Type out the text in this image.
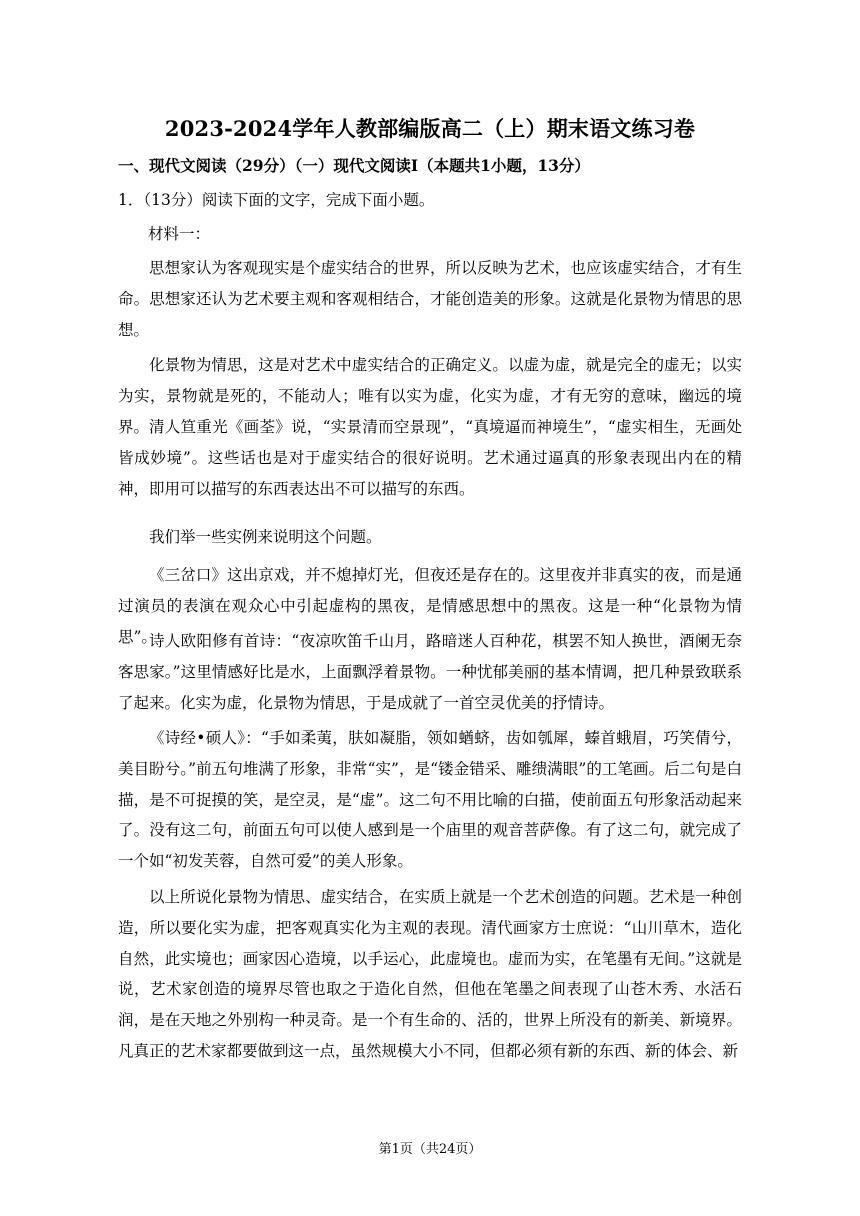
2023-2024学年人教部编版高二（上）期末语文练习卷
一、现代文阅读（29分）（一）现代文阅读Ⅰ（本题共1小题，13分）
1．（13分）阅读下面的文字，完成下面小题。
材料一：

思想家认为客观现实是个虚实结合的世界，所以反映为艺术，也应该虚实结合，才有生命。思想家还认为艺术要主观和客观相结合，才能创造美的形象。这就是化景物为情思的思想。

化景物为情思，这是对艺术中虚实结合的正确定义。以虚为虚，就是完全的虚无；以实为实，景物就是死的，不能动人；唯有以实为虚，化实为虚，才有无穷的意味，幽远的境界。 清人笪重光《画荃》说，“实景清而空景现”，“真境逼而神境生”，“虚实相生，无画处皆成妙境”。这些话也是对于虚实结合的很好说明。艺术通过逼真的形象表现出内在的精神，即用可以描写的东西表达出不可以描写的东西。

我们举一些实例来说明这个问题。

《三岔口》这出京戏，并不熄掉灯光，但夜还是存在的。这里夜并非真实的夜，而是通过演员的表演在观众心中引起虚构的黑夜，是情感思想中的黑夜。这是一种“化景物为情思”。

诗人欧阳修有首诗：“夜凉吹笛千山月，路暗迷人百种花，棋罢不知人换世，酒阑无奈客思家。”这里情感好比是水，上面飘浮着景物。一种忧郁美丽的基本情调，把几种景致联系了起来。化实为虚，化景物为情思，于是成就了一首空灵优美的抒情诗。

《诗经•硕人》：“手如柔荑，肤如凝脂，领如蝤蛴，齿如瓠犀，螓首蛾眉，巧笑倩兮，美目盼兮。”前五句堆满了形象，非常“实”，是“镂金错采、雕缋满眼”的工笔画。后二句是白描，是不可捉摸的笑，是空灵，是“虚”。这二句不用比喻的白描，使前面五句形象活动起来了。没有这二句，前面五句可以使人感到是一个庙里的观音菩萨像。有了这二句，就完成了一个如“初发芙蓉，自然可爱”的美人形象。

以上所说化景物为情思、虚实结合，在实质上就是一个艺术创造的问题。艺术是一种创造，所以要化实为虚，把客观真实化为主观的表现。清代画家方士庶说：“山川草木，造化自然，此实境也；画家因心造境，以手运心，此虚境也。虚而为实，在笔墨有无间。”这就是说，艺术家创造的境界尽管也取之于造化自然，但他在笔墨之间表现了山苍木秀、水活石润，是在天地之外别构一种灵奇。是一个有生命的、活的，世界上所没有的新美、新境界。凡真正的艺术家都要做到这一点，虽然规模大小不同，但都必须有新的东西、新的体会、新

第1页（共24页）
